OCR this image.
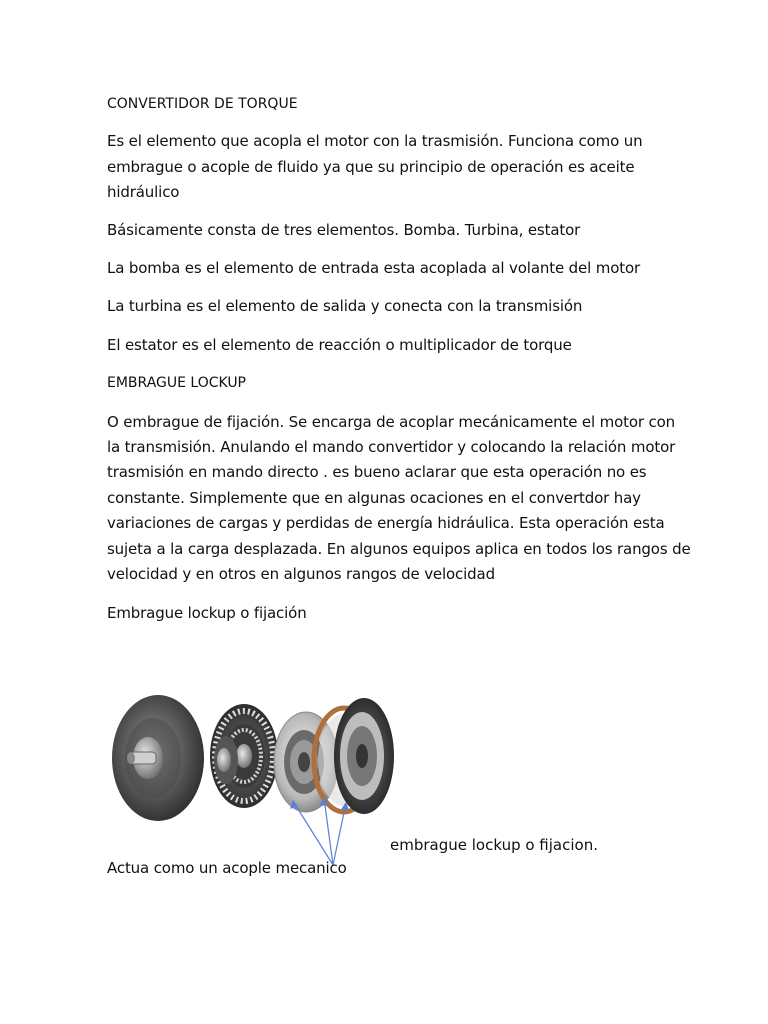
CONVERTIDOR DE TORQUE

Es el elemento que acopla el motor con la trasmisión. Funciona como un

embrague o acople de fluido ya que su principio de operación es aceite

hidráulico

Básicamente consta de tres elementos. Bomba. Turbina, estator

La bomba es el elemento de entrada esta acoplada al volante del motor

La turbina es el elemento de salida y conecta con la transmisión

El estator es el elemento de reacción o multiplicador de torque

EMBRAGUE LOCKUP

O embrague de fijación. Se encarga de acoplar mecánicamente el motor con

la transmisión. Anulando el mando convertidor y colocando la relación motor

trasmisión en mando directo . es bueno aclarar que esta operación no es

constante. Simplemente que en algunas ocaciones en el convertdor hay

variaciones de cargas y perdidas de energía hidráulica. Esta operación esta

sujeta a la carga desplazada. En algunos equipos aplica en todos los rangos de

velocidad y en otros en algunos rangos de velocidad

Embrague lockup o fijación

embrague lockup o fijacion.

Actua como un acople mecanico
